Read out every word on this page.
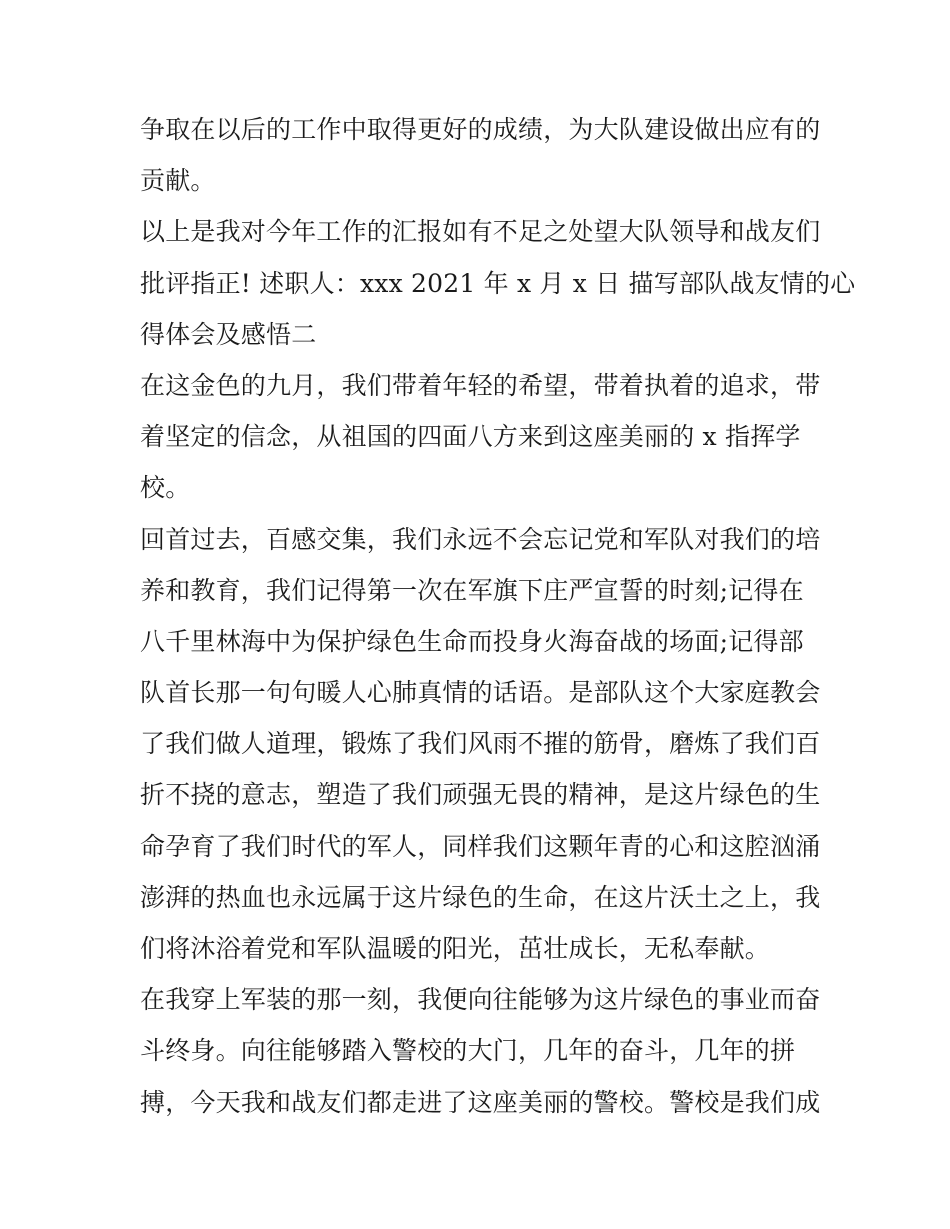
争取在以后的工作中取得更好的成绩，为大队建设做出应有的
贡献。
以上是我对今年工作的汇报如有不足之处望大队领导和战友们
批评指正! 述职人：xxx 2021 年 x 月 x 日 描写部队战友情的心
得体会及感悟二
在这金色的九月，我们带着年轻的希望，带着执着的追求，带
着坚定的信念，从祖国的四面八方来到这座美丽的 x 指挥学
校。
回首过去，百感交集，我们永远不会忘记党和军队对我们的培
养和教育，我们记得第一次在军旗下庄严宣誓的时刻;记得在
八千里林海中为保护绿色生命而投身火海奋战的场面;记得部
队首长那一句句暖人心肺真情的话语。是部队这个大家庭教会
了我们做人道理，锻炼了我们风雨不摧的筋骨，磨炼了我们百
折不挠的意志，塑造了我们顽强无畏的精神，是这片绿色的生
命孕育了我们时代的军人，同样我们这颗年青的心和这腔汹涌
澎湃的热血也永远属于这片绿色的生命，在这片沃土之上，我
们将沐浴着党和军队温暖的阳光，茁壮成长，无私奉献。
在我穿上军装的那一刻，我便向往能够为这片绿色的事业而奋
斗终身。向往能够踏入警校的大门，几年的奋斗，几年的拼
搏，今天我和战友们都走进了这座美丽的警校。警校是我们成
